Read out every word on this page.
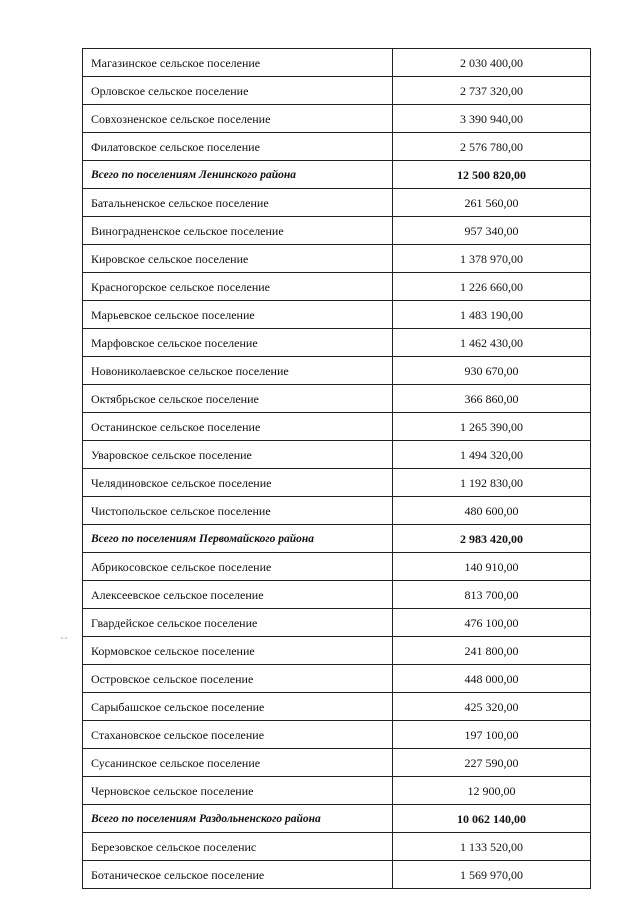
Магазинское сельское поселение	2 030 400,00
Орловское сельское поселение	2 737 320,00
Совхозненское сельское поселение	3 390 940,00
Филатовское сельское поселение	2 576 780,00
Всего по поселениям Ленинского района	12 500 820,00
Батальненское сельское поселение	261 560,00
Виноградненское сельское поселение	957 340,00
Кировское сельское поселение	1 378 970,00
Красногорское сельское поселение	1 226 660,00
Марьевское сельское поселение	1 483 190,00
Марфовское сельское поселение	1 462 430,00
Новониколаевское сельское поселение	930 670,00
Октябрьское сельское поселение	366 860,00
Останинское сельское поселение	1 265 390,00
Уваровское сельское поселение	1 494 320,00
Челядиновское сельское поселение	1 192 830,00
Чистопольское сельское поселение	480 600,00
Всего по поселениям Первомайского района	2 983 420,00
Абрикосовское сельское поселение	140 910,00
Алексеевское сельское поселение	813 700,00
Гвардейское сельское поселение	476 100,00
Кормовское сельское поселение	241 800,00
Островское сельское поселение	448 000,00
Сарыбашское сельское поселение	425 320,00
Стахановское сельское поселение	197 100,00
Сусанинское сельское поселение	227 590,00
Черновское сельское поселение	12 900,00
Всего по поселениям Раздольненского района	10 062 140,00
Березовское сельское поселенис	1 133 520,00
Ботаническое сельское поселение	1 569 970,00
